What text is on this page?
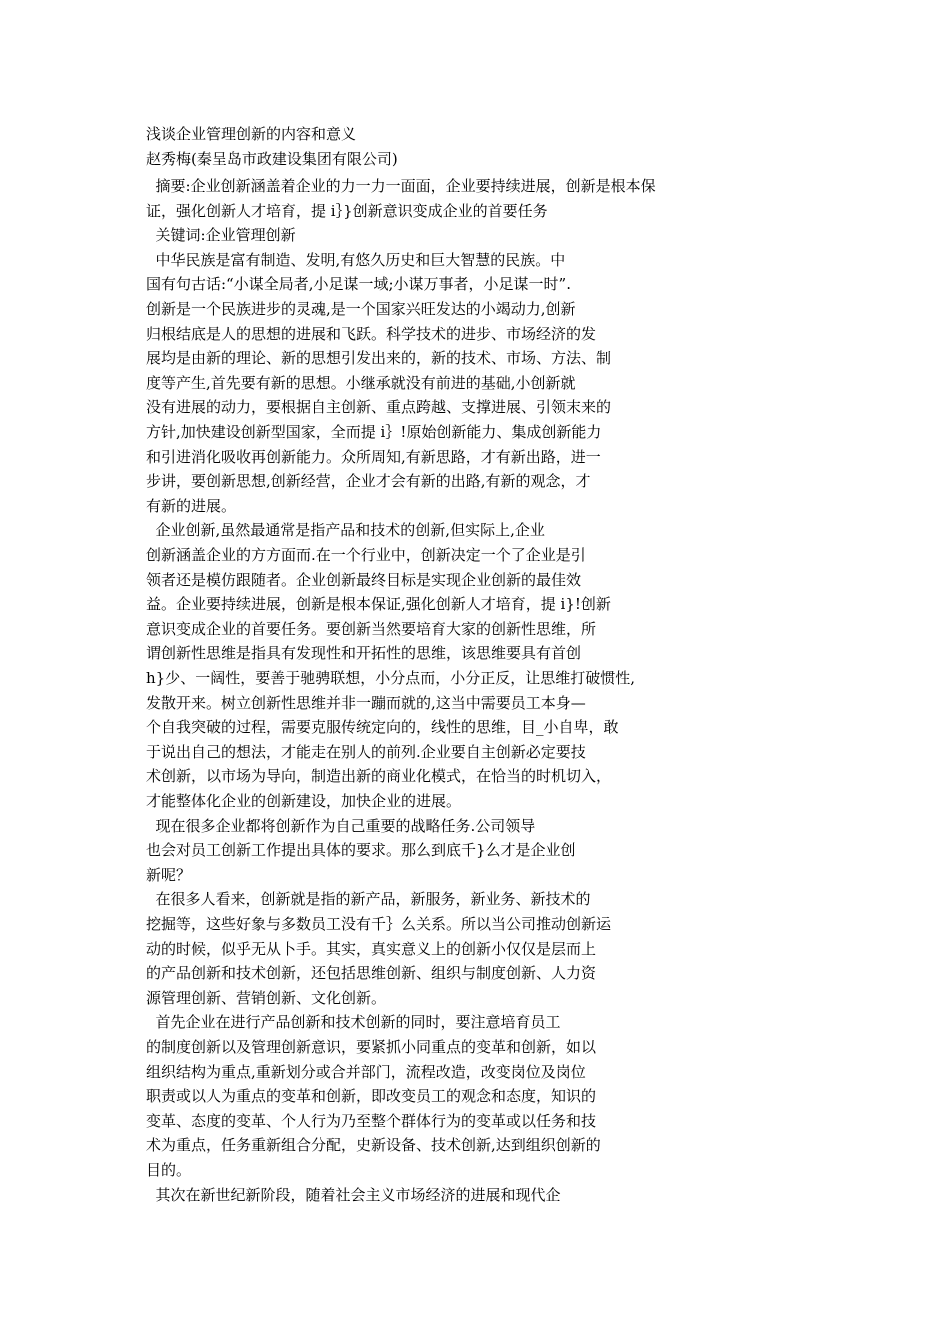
浅谈企业管理创新的内容和意义
赵秀梅(秦呈岛市政建设集团有限公司)
摘要:企业创新涵盖着企业的力一力一面面，企业要持续进展，创新是根本保
证，强化创新人才培育，提 i｝}创新意识变成企业的首要任务
关键词:企业管理创新
中华民族是富有制造、发明,有悠久历史和巨大智慧的民族。中
国有句古话:“小谋全局者,小足谋一域;小谋万事者，小足谋一时”.
创新是一个民族进步的灵魂,是一个国家兴旺发达的小竭动力,创新
归根结底是人的思想的进展和飞跃。科学技术的进步、市场经济的发
展均是由新的理论、新的思想引发出来的，新的技术、市场、方法、制
度等产生,首先要有新的思想。小继承就没有前进的基础,小创新就
没有进展的动力，要根据自主创新、重点跨越、支撑进展、引领末来的
方针,加快建设创新型国家，全而提 i｝!原始创新能力、集成创新能力
和引进消化吸收再创新能力。众所周知,有新思路，才有新出路，进一
步讲，要创新思想,创新经营，企业才会有新的出路,有新的观念，才
有新的进展。
企业创新,虽然最通常是指产品和技术的创新,但实际上,企业
创新涵盖企业的方方面而.在一个行业中，创新决定一个了企业是引
领者还是模仿跟随者。企业创新最终目标是实现企业创新的最佳效
益。企业要持续进展，创新是根本保证,强化创新人才培育，提 i}!创新
意识变成企业的首要任务。要创新当然要培育大家的创新性思维，所
谓创新性思维是指具有发现性和开拓性的思维，该思维要具有首创
h}少、一阔性，要善于驰骋联想，小分点而，小分正反，让思维打破惯性,
发散开来。树立创新性思维并非一蹦而就的,这当中需要员工本身—
个自我突破的过程，需要克服传统定向的，线性的思维，目_小自卑，敢
于说出自己的想法，才能走在别人的前列.企业要自主创新必定要技
术创新，以市场为导向，制造出新的商业化模式，在恰当的时机切入，
才能整体化企业的创新建设，加快企业的进展。
现在很多企业都将创新作为自己重要的战略任务.公司领导
也会对员工创新工作提出具体的要求。那么到底千}么才是企业创
新呢？
在很多人看来，创新就是指的新产品，新服务，新业务、新技术的
挖掘等，这些好象与多数员工没有千｝么关系。所以当公司推动创新运
动的时候，似乎无从卜手。其实，真实意义上的创新小仅仅是层而上
的产品创新和技术创新，还包括思维创新、组织与制度创新、人力资
源管理创新、营销创新、文化创新。
首先企业在进行产品创新和技术创新的同时，要注意培育员工
的制度创新以及管理创新意识，要紧抓小同重点的变革和创新，如以
组织结构为重点,重新划分或合并部门，流程改造，改变岗位及岗位
职责或以人为重点的变革和创新，即改变员工的观念和态度，知识的
变革、态度的变革、个人行为乃至整个群体行为的变革或以任务和技
术为重点，任务重新组合分配，史新设备、技术创新,达到组织创新的
目的。
其次在新世纪新阶段，随着社会主义市场经济的进展和现代企
